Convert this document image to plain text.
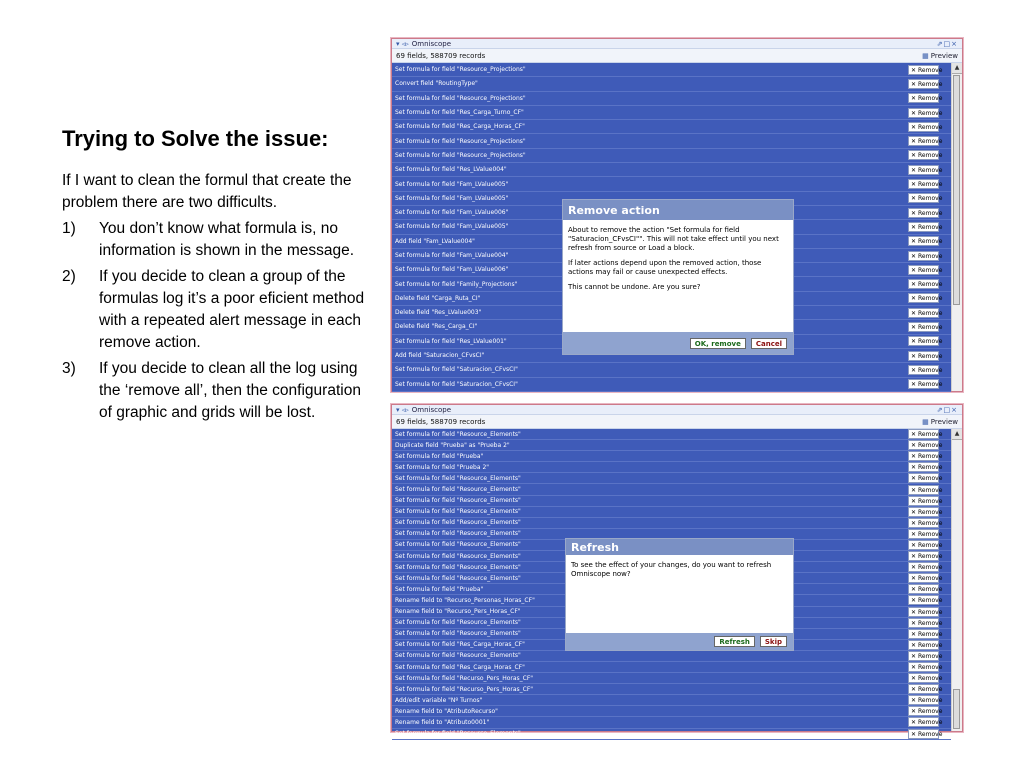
Trying to Solve the issue:

If I want to clean the formul that create the problem there are two difficults.

1) You don’t know what formula is, no information is shown in the message.
2) If you decide to clean a group of the formulas log it’s a poor eficient method with a repeated alert message in each remove action.
3) If you decide to clean all the log using the ‘remove all’, then the configuration of graphic and grids will be lost.
▾ ◃▹ Omniscope	⇗□×
69 fields, 588709 records	▦ Preview
Set formula for field "Resource_Projections"	✕ Remove
Convert field "RoutingType"	✕ Remove
Set formula for field "Resource_Projections"	✕ Remove
Set formula for field "Res_Carga_Turno_CF"	✕ Remove
Set formula for field "Res_Carga_Horas_CF"	✕ Remove
Set formula for field "Resource_Projections"	✕ Remove
Set formula for field "Resource_Projections"	✕ Remove
Set formula for field "Res_LValue004"	✕ Remove
Set formula for field "Fam_LValue005"	✕ Remove
Set formula for field "Fam_LValue005"	✕ Remove
Set formula for field "Fam_LValue006"	✕ Remove
Set formula for field "Fam_LValue005"	✕ Remove
Add field "Fam_LValue004"	✕ Remove
Set formula for field "Fam_LValue004"	✕ Remove
Set formula for field "Fam_LValue006"	✕ Remove
Set formula for field "Family_Projections"	✕ Remove
Delete field "Carga_Ruta_CI"	✕ Remove
Delete field "Res_LValue003"	✕ Remove
Delete field "Res_Carga_CI"	✕ Remove
Set formula for field "Res_LValue001"	✕ Remove
Add field "Saturacion_CFvsCI"	✕ Remove
Set formula for field "Saturacion_CFvsCI"	✕ Remove
Set formula for field "Saturacion_CFvsCI"	✕ Remove
▲
Remove action

About to remove the action "Set formula for field "Saturacion_CFvsCI"". This will not take effect until you next refresh from source or Load a block.

If later actions depend upon the removed action, those actions may fail or cause unexpected effects.

This cannot be undone. Are you sure?

OK, remove	Cancel
▾ ◃▹ Omniscope	⇗□×
69 fields, 588709 records	▦ Preview
Set formula for field "Resource_Elements"	✕ Remove
Duplicate field "Prueba" as "Prueba 2"	✕ Remove
Set formula for field "Prueba"	✕ Remove
Set formula for field "Prueba 2"	✕ Remove
Set formula for field "Resource_Elements"	✕ Remove
Set formula for field "Resource_Elements"	✕ Remove
Set formula for field "Resource_Elements"	✕ Remove
Set formula for field "Resource_Elements"	✕ Remove
Set formula for field "Resource_Elements"	✕ Remove
Set formula for field "Resource_Elements"	✕ Remove
Set formula for field "Resource_Elements"	✕ Remove
Set formula for field "Resource_Elements"	✕ Remove
Set formula for field "Resource_Elements"	✕ Remove
Set formula for field "Resource_Elements"	✕ Remove
Set formula for field "Prueba"	✕ Remove
Rename field to "Recurso_Personas_Horas_CF"	✕ Remove
Rename field to "Recurso_Pers_Horas_CF"	✕ Remove
Set formula for field "Resource_Elements"	✕ Remove
Set formula for field "Resource_Elements"	✕ Remove
Set formula for field "Res_Carga_Horas_CF"	✕ Remove
Set formula for field "Resource_Elements"	✕ Remove
Set formula for field "Res_Carga_Horas_CF"	✕ Remove
Set formula for field "Recurso_Pers_Horas_CF"	✕ Remove
Set formula for field "Recurso_Pers_Horas_CF"	✕ Remove
Add/edit variable "Nº Turnos"	✕ Remove
Rename field to "AtributoRecurso"	✕ Remove
Rename field to "Atributo0001"	✕ Remove
Set formula for field "Resource_Elements"	✕ Remove
▲
Refresh

To see the effect of your changes, do you want to refresh Omniscope now?

Refresh	Skip
